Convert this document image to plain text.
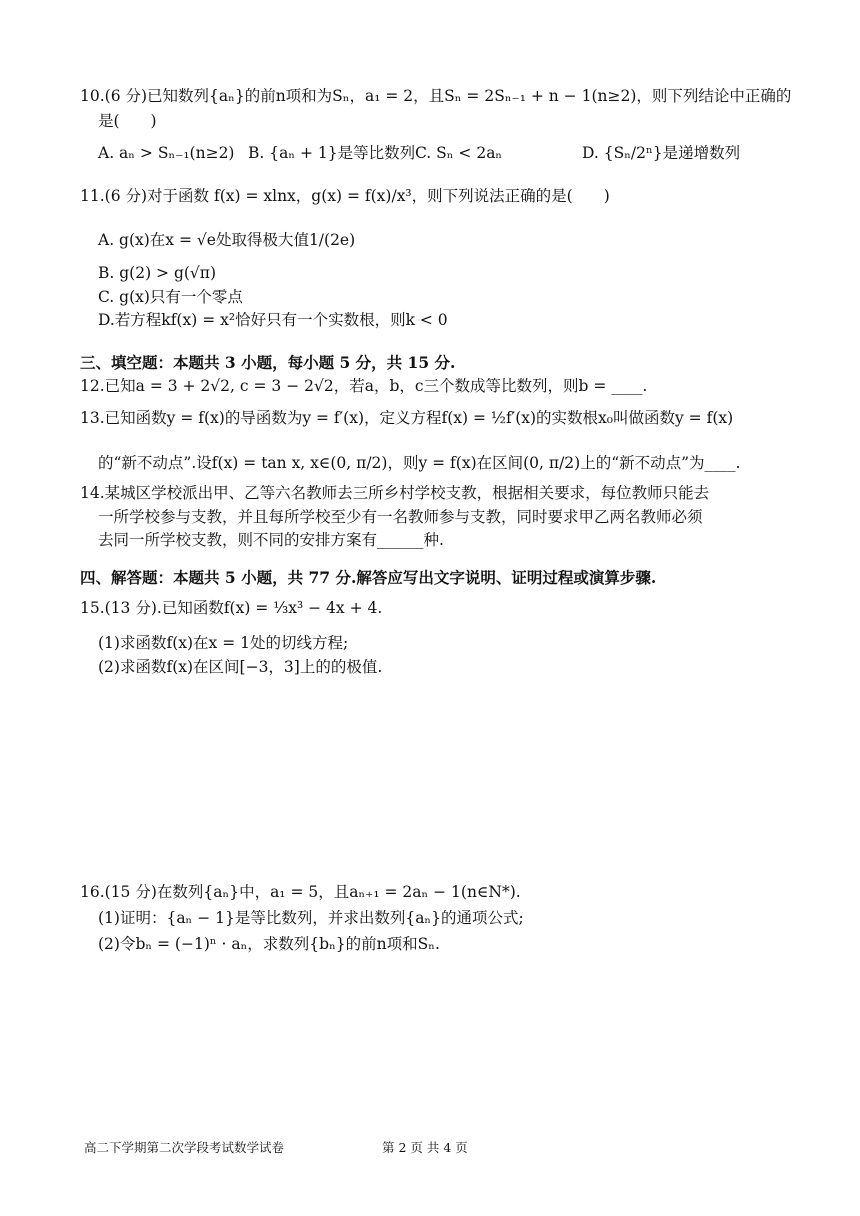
10.(6 分)已知数列{aₙ}的前n项和为Sₙ，a₁ = 2，且Sₙ = 2Sₙ₋₁ + n − 1(n≥2)，则下列结论中正确的
是(　　)
A. aₙ > Sₙ₋₁(n≥2) B. {aₙ + 1}是等比数列 C. Sₙ < 2aₙ	D. {Sₙ/2ⁿ}是递增数列
11.(6 分)对于函数 f(x) = xlnx，g(x) = f(x)/x³，则下列说法正确的是(　　)
A. g(x)在x = √e处取得极大值1/(2e)
B. g(2) > g(√π)
C. g(x)只有一个零点
D.若方程kf(x) = x²恰好只有一个实数根，则k < 0
三、填空题：本题共 3 小题，每小题 5 分，共 15 分.
12.已知a = 3 + 2√2, c = 3 − 2√2，若a，b，c三个数成等比数列，则b = ____.
13.已知函数y = f(x)的导函数为y = f′(x)，定义方程f(x) = ½f′(x)的实数根x₀叫做函数y = f(x)
的“新不动点”.设f(x) = tan x, x∈(0, π/2)，则y = f(x)在区间(0, π/2)上的“新不动点”为____.
14.某城区学校派出甲、乙等六名教师去三所乡村学校支教，根据相关要求，每位教师只能去
一所学校参与支教，并且每所学校至少有一名教师参与支教，同时要求甲乙两名教师必须
去同一所学校支教，则不同的安排方案有______种.
四、解答题：本题共 5 小题，共 77 分.解答应写出文字说明、证明过程或演算步骤.
15.(13 分).已知函数f(x) = ⅓x³ − 4x + 4.
(1)求函数f(x)在x = 1处的切线方程;
(2)求函数f(x)在区间[−3，3]上的的极值.
16.(15 分)在数列{aₙ}中，a₁ = 5，且aₙ₊₁ = 2aₙ − 1(n∈N*).
(1)证明：{aₙ − 1}是等比数列，并求出数列{aₙ}的通项公式;
(2)令bₙ = (−1)ⁿ · aₙ，求数列{bₙ}的前n项和Sₙ.
高二下学期第二次学段考试数学试卷	第 2 页 共 4 页
